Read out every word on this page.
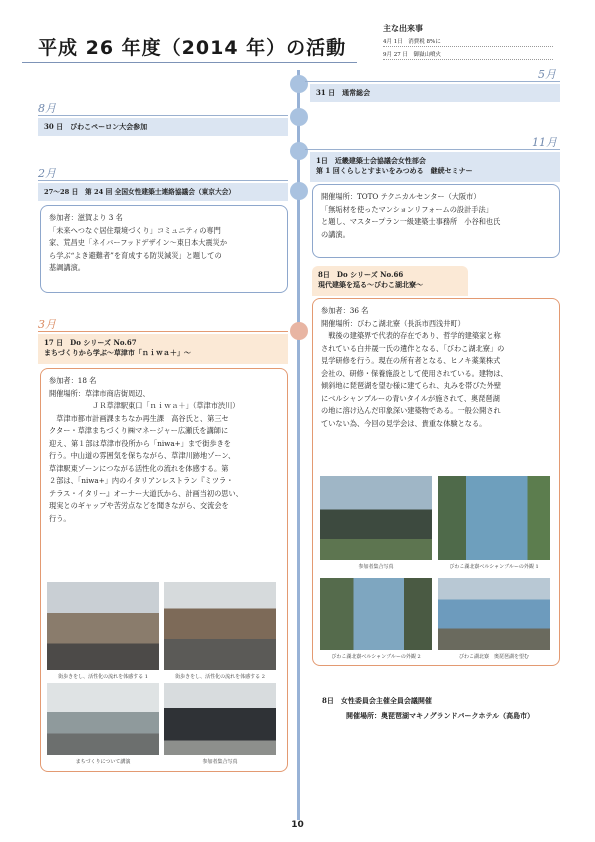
平成 26 年度（2014 年）の活動
主な出来事
4月 1日　消費税 8%に
9月 27 日　御嶽山噴火
5月
31 日　通常総会
8月
30 日　びわこペーロン大会参加
11月
1日　近畿建築士会協議会女性部会
第 1 回くらしとすまいをみつめる　継続セミナー
開催場所：TOTO テクニカルセンター（大阪市）
「無垢材を使ったマンションリフォームの設計手法」
と題し、マスタープラン一級建築士事務所　小谷和也氏
の講演。
8日　Do シリーズ No.66
現代建築を巡る～びわこ湖北寮～
参加者：36 名
開催場所：びわこ湖北寮（長浜市西浅井町）
　戦後の建築界で代表的存在であり、哲学的建築家と称
されている白井晟一氏の遺作となる、「びわこ湖北寮」の
見学研修を行う。現在の所有者となる、ヒノキ薬業株式
会社の、研修・保養施設として使用されている。建物は、
傾斜地に琵琶湖を望む様に建てられ、丸みを帯びた外壁
にベルシャンブルーの青いタイルが施されて、奥琵琶湖
の地に溶け込んだ印象深い建築物である。一般公開され
ていない為、今回の見学会は、貴重な体験となる。
参加者集合写真	びわこ湖北寮ベルシャンブルーの外観 1
びわこ湖北寮ベルシャンブルーの外観 2	びわこ湖北寮　奥琵琶湖を望む
8日　女性委員会主催全員会議開催
開催場所：奥琵琶湖マキノグランドパークホテル（高島市）
2月
27～28 日　第 24 回 全国女性建築士連絡協議会（東京大会）
参加者：滋賀より 3 名
「未来へつなぐ居住環境づくり」コミュニティの専門
家、荒昌史「ネイバーフッドデザイン～東日本大震災か
ら学ぶ“よき避難者”を育成する防災減災」と題しての
基調講演。
3月
17 日　Do シリーズ No.67
まちづくりから学ぶ～草津市「ｎｉｗａ＋」～
参加者：18 名
開催場所：草津市商店街周辺、
　　　　　　ＪＲ草津駅東口「ｎｉｗａ＋」（草津市渋川）
　草津市都市計画課まちなか再生課　高谷氏と、第三セ
クター・草津まちづくり㈱マネージャー広瀬氏を講師に
迎え、第１部は草津市役所から「niwa+」まで街歩きを
行う。中山道の雰囲気を保ちながら、草津川跡地ゾーン、
草津駅東ゾーンにつながる活性化の流れを体感する。第
２部は、「niwa+」内のイタリアンレストラン『ミツラ・
テラス・イタリー』オーナー大道氏から、計画当初の思い、
現実とのギャップや苦労点などを聞きながら、交流会を
行う。
街歩きをし、活性化の流れを体感する 1	街歩きをし、活性化の流れを体感する 2
まちづくりについて講演	参加者集合写真
10
